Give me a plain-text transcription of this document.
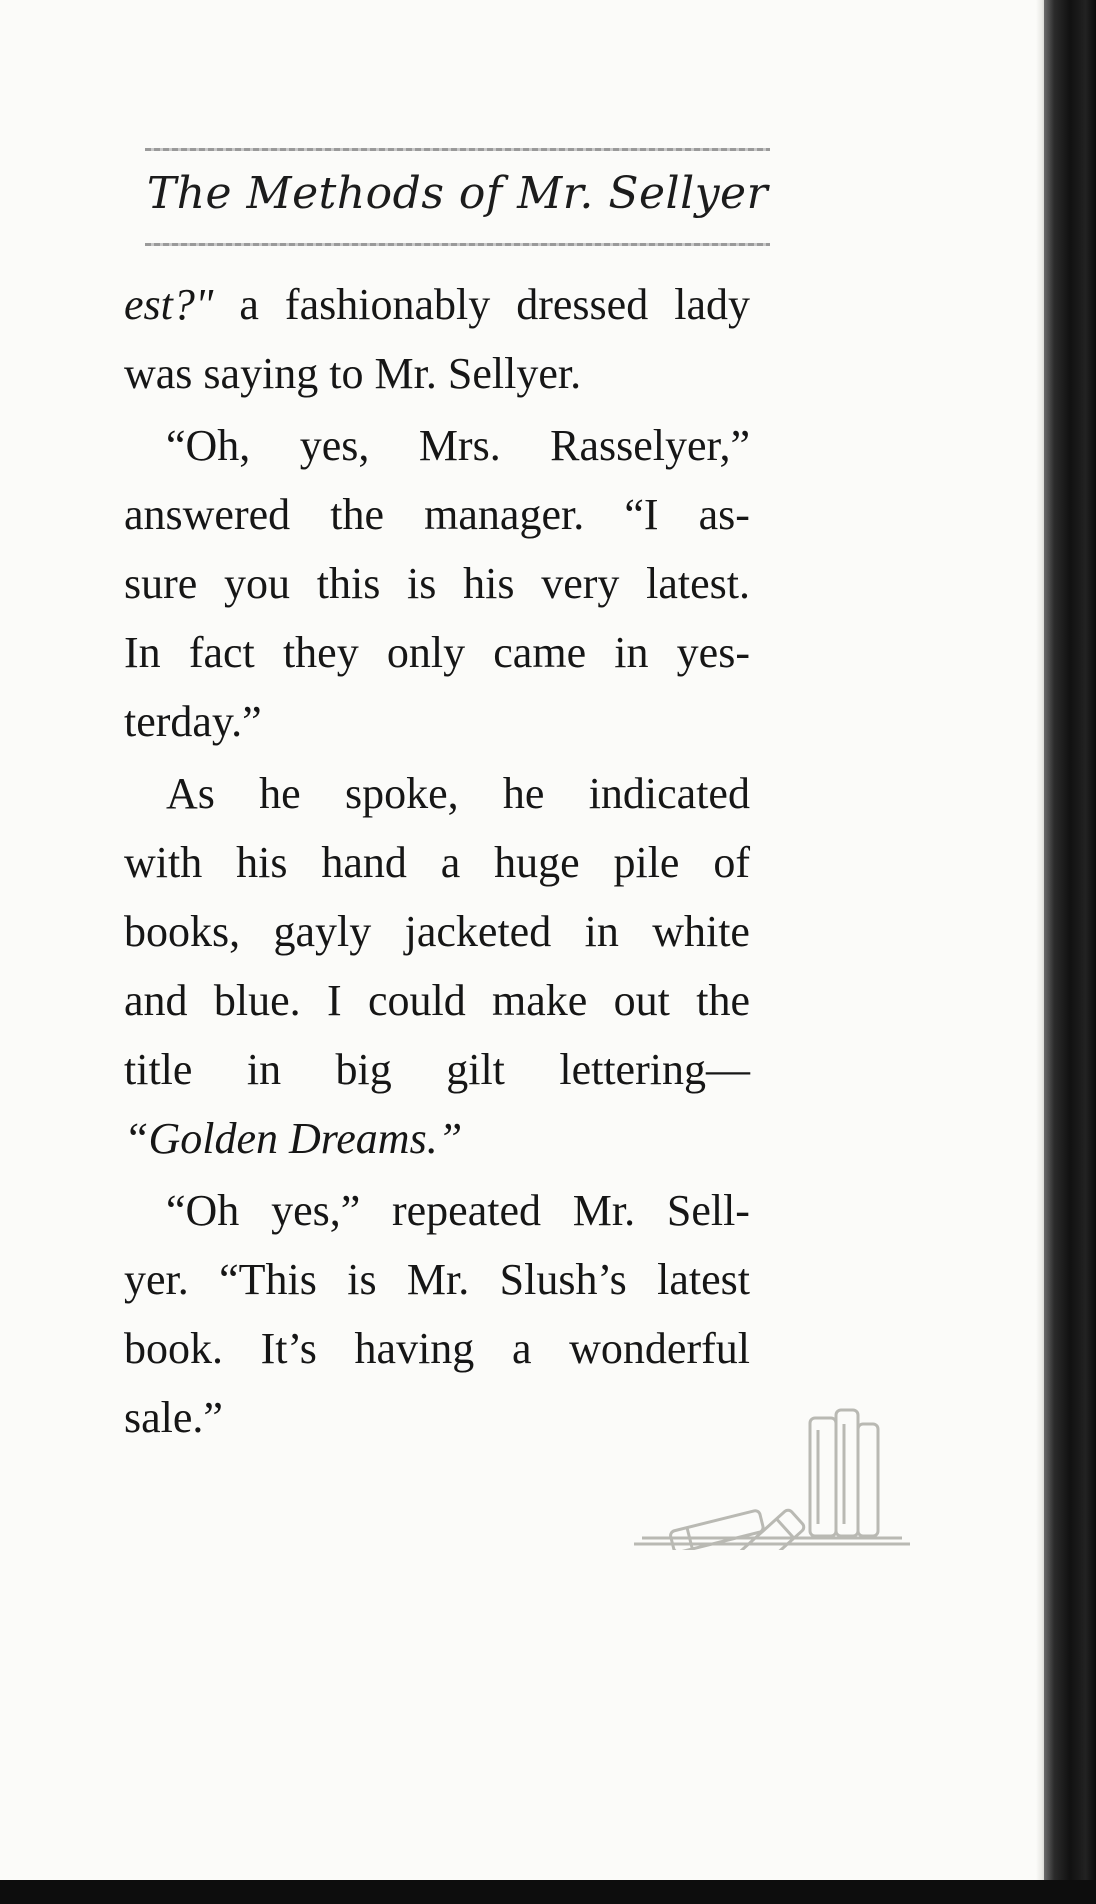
The Methods of Mr. Sellyer
est?" a fashionably dressed lady
was saying to Mr. Sellyer.
“Oh, yes, Mrs. Rasselyer,”
answered the manager. “I as-
sure you this is his very latest.
In fact they only came in yes-
terday.”
As he spoke, he indicated
with his hand a huge pile of
books, gayly jacketed in white
and blue. I could make out the
title in big gilt lettering—
“Golden Dreams.”
“Oh yes,” repeated Mr. Sell-
yer. “This is Mr. Slush’s latest
book. It’s having a wonderful
sale.”
